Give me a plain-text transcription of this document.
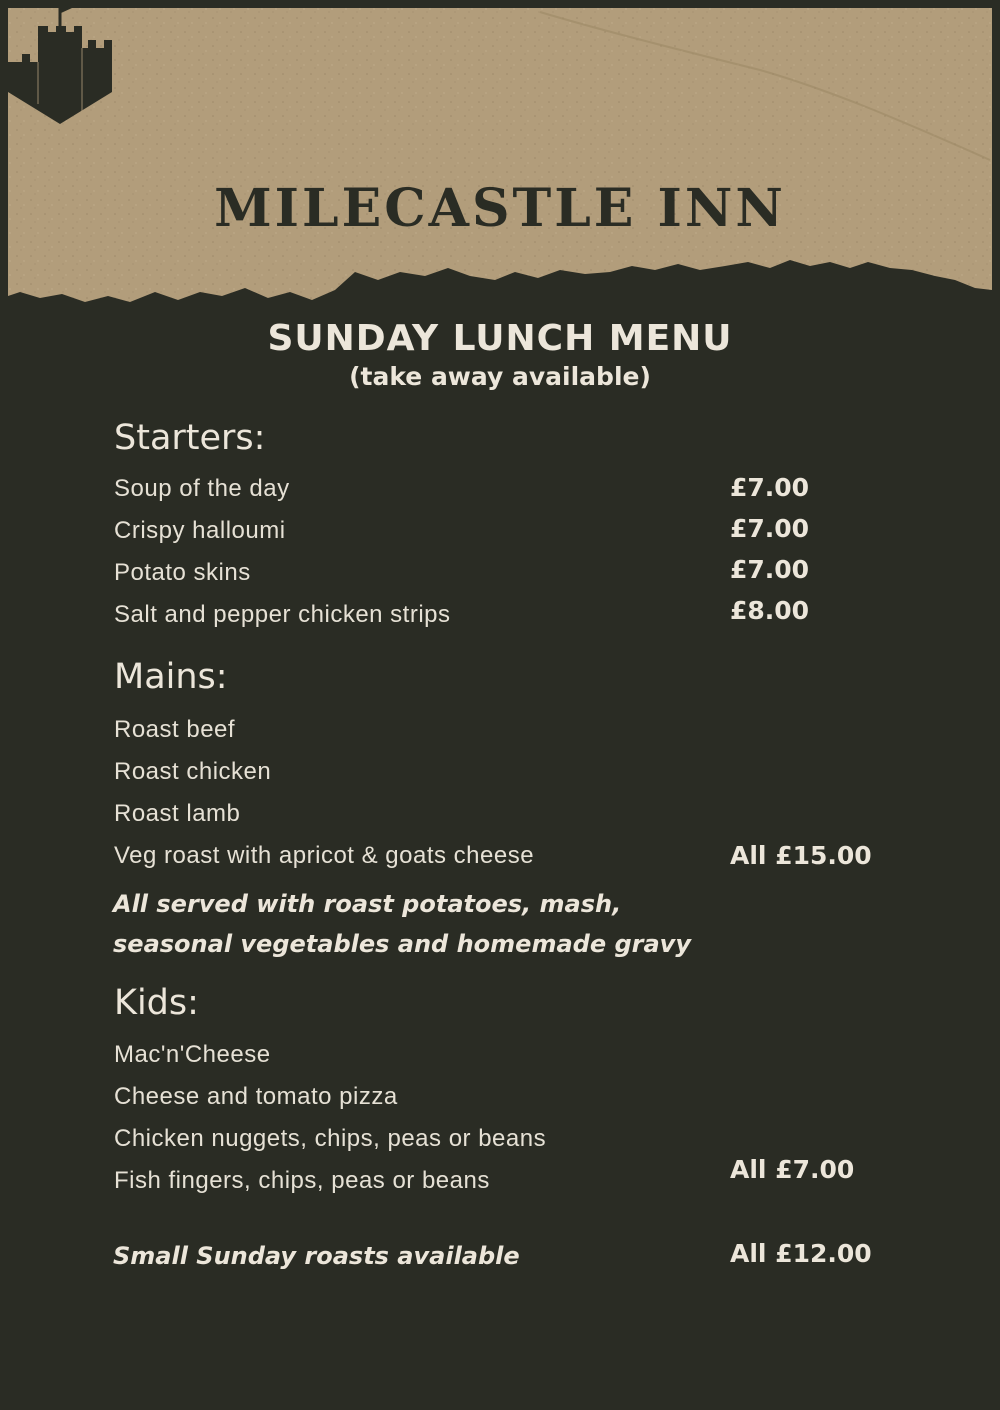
MILECASTLE INN
SUNDAY LUNCH MENU
(take away available)
Starters:
Soup of the day	£7.00
Crispy halloumi	£7.00
Potato skins	£7.00
Salt and pepper chicken strips	£8.00
Mains:
Roast beef
Roast chicken
Roast lamb
Veg roast with apricot & goats cheese	All £15.00
All served with roast potatoes, mash,
seasonal vegetables and homemade gravy
Kids:
Mac'n'Cheese
Cheese and tomato pizza
Chicken nuggets, chips, peas or beans
Fish fingers, chips, peas or beans	All £7.00
Small Sunday roasts available	All £12.00
